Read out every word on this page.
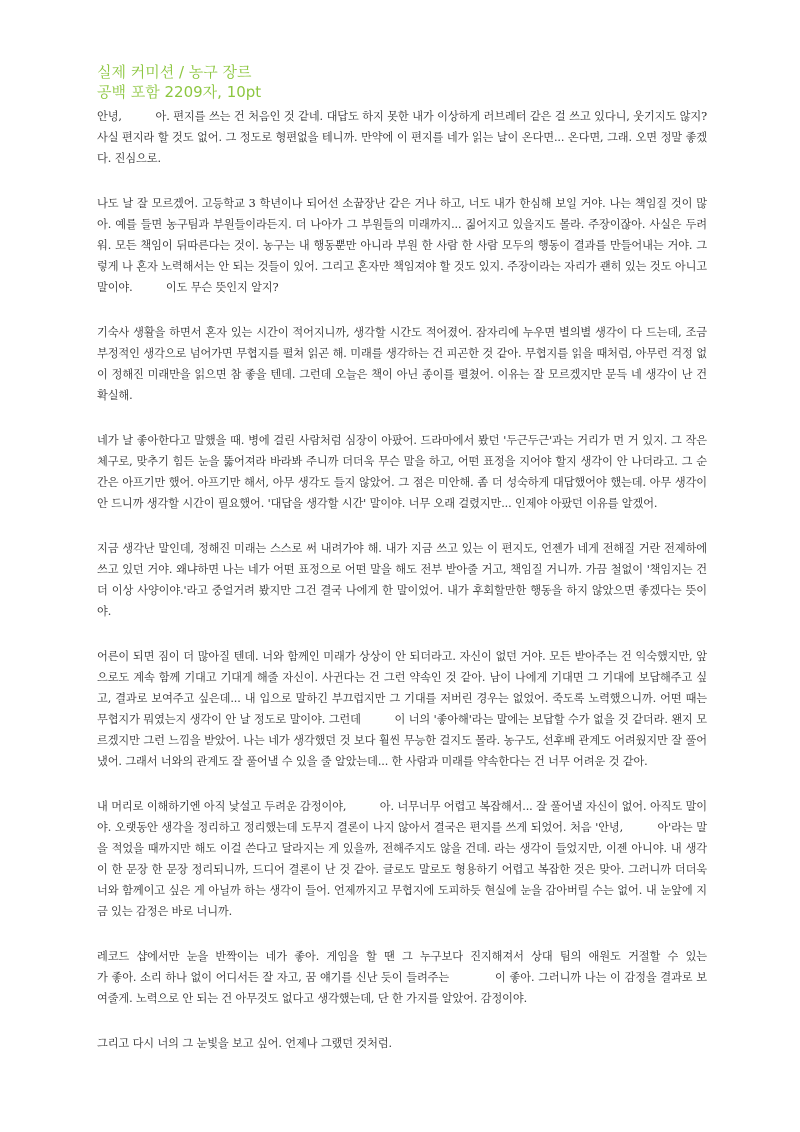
실제 커미션 / 농구 장르
공백 포함 2209자, 10pt

안녕,　　　아. 편지를 쓰는 건 처음인 것 같네. 대답도 하지 못한 내가 이상하게 러브레터 같은 걸 쓰고 있다니, 웃기지도 않지? 사실 편지라 할 것도 없어. 그 정도로 형편없을 테니까. 만약에 이 편지를 네가 읽는 날이 온다면... 온다면, 그래. 오면 정말 좋겠다. 진심으로.

나도 날 잘 모르겠어. 고등학교 3 학년이나 되어선 소꿉장난 같은 거나 하고, 너도 내가 한심해 보일 거야. 나는 책임질 것이 많아. 예를 들면 농구팀과 부원들이라든지. 더 나아가 그 부원들의 미래까지... 짊어지고 있을지도 몰라. 주장이잖아. 사실은 두려워. 모든 책임이 뒤따른다는 것이. 농구는 내 행동뿐만 아니라 부원 한 사람 한 사람 모두의 행동이 결과를 만들어내는 거야. 그렇게 나 혼자 노력해서는 안 되는 것들이 있어. 그리고 혼자만 책임져야 할 것도 있지. 주장이라는 자리가 괜히 있는 것도 아니고 말이야.　　　이도 무슨 뜻인지 알지?

기숙사 생활을 하면서 혼자 있는 시간이 적어지니까, 생각할 시간도 적어졌어. 잠자리에 누우면 별의별 생각이 다 드는데, 조금 부정적인 생각으로 넘어가면 무협지를 펼쳐 읽곤 해. 미래를 생각하는 건 피곤한 것 같아. 무협지를 읽을 때처럼, 아무런 걱정 없이 정해진 미래만을 읽으면 참 좋을 텐데. 그런데 오늘은 책이 아닌 종이를 펼쳤어. 이유는 잘 모르겠지만 문득 네 생각이 난 건 확실해.

네가 날 좋아한다고 말했을 때. 병에 걸린 사람처럼 심장이 아팠어. 드라마에서 봤던 '두근두근'과는 거리가 먼 거 있지. 그 작은 체구로, 맞추기 힘든 눈을 뚫어져라 바라봐 주니까 더더욱 무슨 말을 하고, 어떤 표정을 지어야 할지 생각이 안 나더라고. 그 순간은 아프기만 했어. 아프기만 해서, 아무 생각도 들지 않았어. 그 점은 미안해. 좀 더 성숙하게 대답했어야 했는데. 아무 생각이 안 드니까 생각할 시간이 필요했어. '대답을 생각할 시간' 말이야. 너무 오래 걸렸지만... 인제야 아팠던 이유를 알겠어.

지금 생각난 말인데, 정해진 미래는 스스로 써 내려가야 해. 내가 지금 쓰고 있는 이 편지도, 언젠가 네게 전해질 거란 전제하에 쓰고 있던 거야. 왜냐하면 나는 네가 어떤 표정으로 어떤 말을 해도 전부 받아줄 거고, 책임질 거니까. 가끔 철없이 '책임지는 건 더 이상 사양이야.'라고 중얼거려 봤지만 그건 결국 나에게 한 말이었어. 내가 후회할만한 행동을 하지 않았으면 좋겠다는 뜻이야.

어른이 되면 짐이 더 많아질 텐데. 너와 함께인 미래가 상상이 안 되더라고. 자신이 없던 거야. 모든 받아주는 건 익숙했지만, 앞으로도 계속 함께 기대고 기대게 해줄 자신이. 사귄다는 건 그런 약속인 것 같아. 남이 나에게 기대면 그 기대에 보답해주고 싶고, 결과로 보여주고 싶은데... 내 입으로 말하긴 부끄럽지만 그 기대를 저버린 경우는 없었어. 죽도록 노력했으니까. 어떤 때는 무협지가 뭐였는지 생각이 안 날 정도로 말이야. 그런데　　　이 너의 '좋아해'라는 말에는 보답할 수가 없을 것 같더라. 왠지 모르겠지만 그런 느낌을 받았어. 나는 네가 생각했던 것 보다 훨씬 무능한 걸지도 몰라. 농구도, 선후배 관계도 어려웠지만 잘 풀어냈어. 그래서 너와의 관계도 잘 풀어낼 수 있을 줄 알았는데... 한 사람과 미래를 약속한다는 건 너무 어려운 것 같아.

내 머리로 이해하기엔 아직 낯설고 두려운 감정이야,　　　아. 너무너무 어렵고 복잡해서... 잘 풀어낼 자신이 없어. 아직도 말이야. 오랫동안 생각을 정리하고 정리했는데 도무지 결론이 나지 않아서 결국은 편지를 쓰게 되었어. 처음 '안녕,　　　아'라는 말을 적었을 때까지만 해도 이걸 쓴다고 달라지는 게 있을까, 전해주지도 않을 건데. 라는 생각이 들었지만, 이젠 아니야. 내 생각이 한 문장 한 문장 정리되니까, 드디어 결론이 난 것 같아. 글로도 말로도 형용하기 어렵고 복잡한 것은 맞아. 그러니까 더더욱 너와 함께이고 싶은 게 아닐까 하는 생각이 들어. 언제까지고 무협지에 도피하듯 현실에 눈을 감아버릴 수는 없어. 내 눈앞에 지금 있는 감정은 바로 너니까.

레코드 샵에서만 눈을 반짝이는 네가 좋아. 게임을 할 땐 그 누구보다 진지해져서 상대 팀의 애원도 거절할 수 있는　　　　　　　　가 좋아. 소리 하나 없이 어디서든 잘 자고, 꿈 얘기를 신난 듯이 들려주는　　　　이 좋아. 그러니까 나는 이 감정을 결과로 보여줄게. 노력으로 안 되는 건 아무것도 없다고 생각했는데, 단 한 가지를 알았어. 감정이야.

그리고 다시 너의 그 눈빛을 보고 싶어. 언제나 그랬던 것처럼.
